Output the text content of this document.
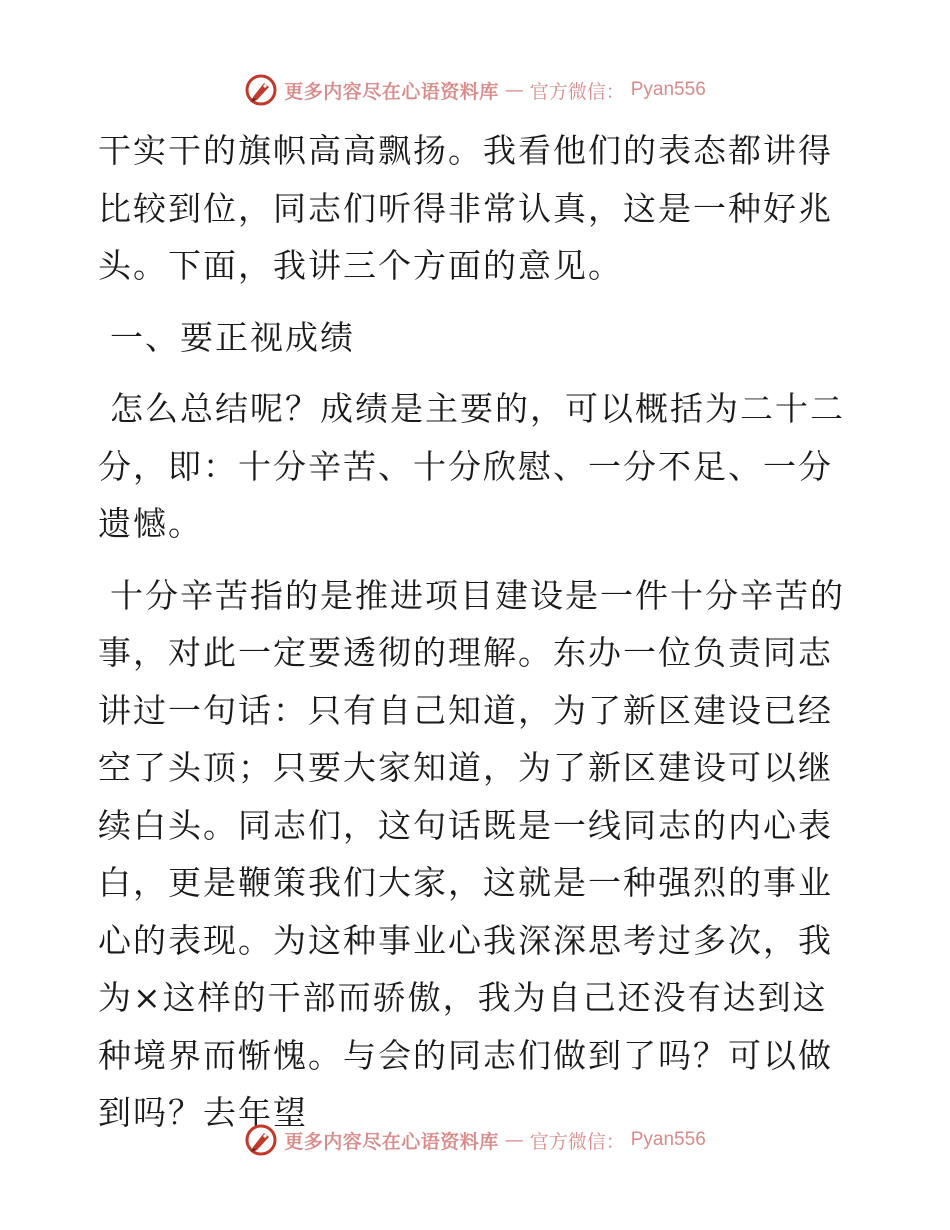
更多内容尽在心语资料库 — 官方微信： Pyan556

干实干的旗帜高高飘扬。我看他们的表态都讲得比较到位，同志们听得非常认真，这是一种好兆头。下面，我讲三个方面的意见。

一、要正视成绩

怎么总结呢？成绩是主要的，可以概括为二十二分，即：十分辛苦、十分欣慰、一分不足、一分遗憾。

十分辛苦指的是推进项目建设是一件十分辛苦的事，对此一定要透彻的理解。东办一位负责同志讲过一句话：只有自己知道，为了新区建设已经空了头顶；只要大家知道，为了新区建设可以继续白头。同志们，这句话既是一线同志的内心表白，更是鞭策我们大家，这就是一种强烈的事业心的表现。为这种事业心我深深思考过多次，我为×这样的干部而骄傲，我为自己还没有达到这种境界而惭愧。与会的同志们做到了吗？可以做到吗？去年望

更多内容尽在心语资料库 — 官方微信： Pyan556
